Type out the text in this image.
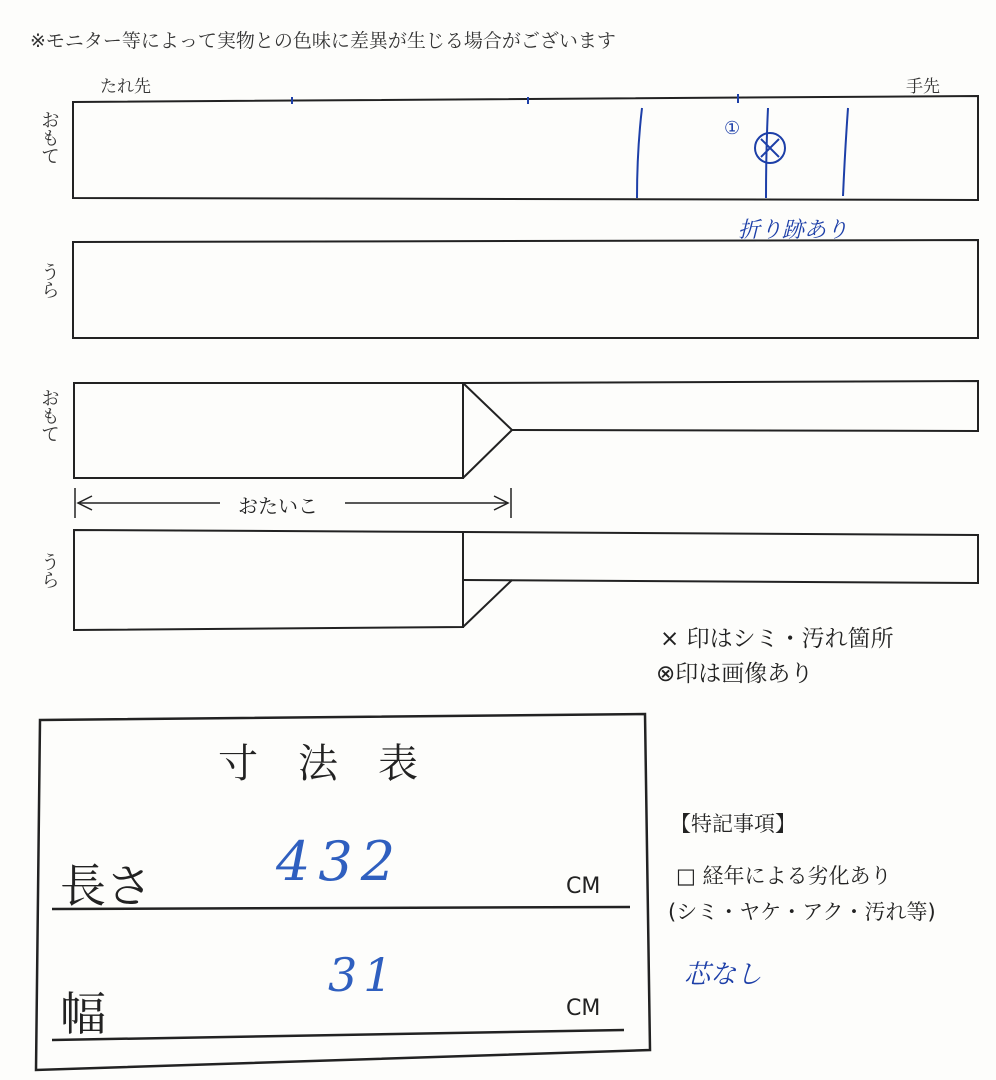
※モニター等によって実物との色味に差異が生じる場合がございます
たれ先	手先
おもて
うら
おもて
うら
①
折り跡あり
おたいこ
× 印はシミ・汚れ箇所
⊗印は画像あり
寸法表
長さ 432	CM
幅
31
CM
【特記事項】
□ 経年による劣化あり
(シミ・ヤケ・アク・汚れ等)
芯なし
